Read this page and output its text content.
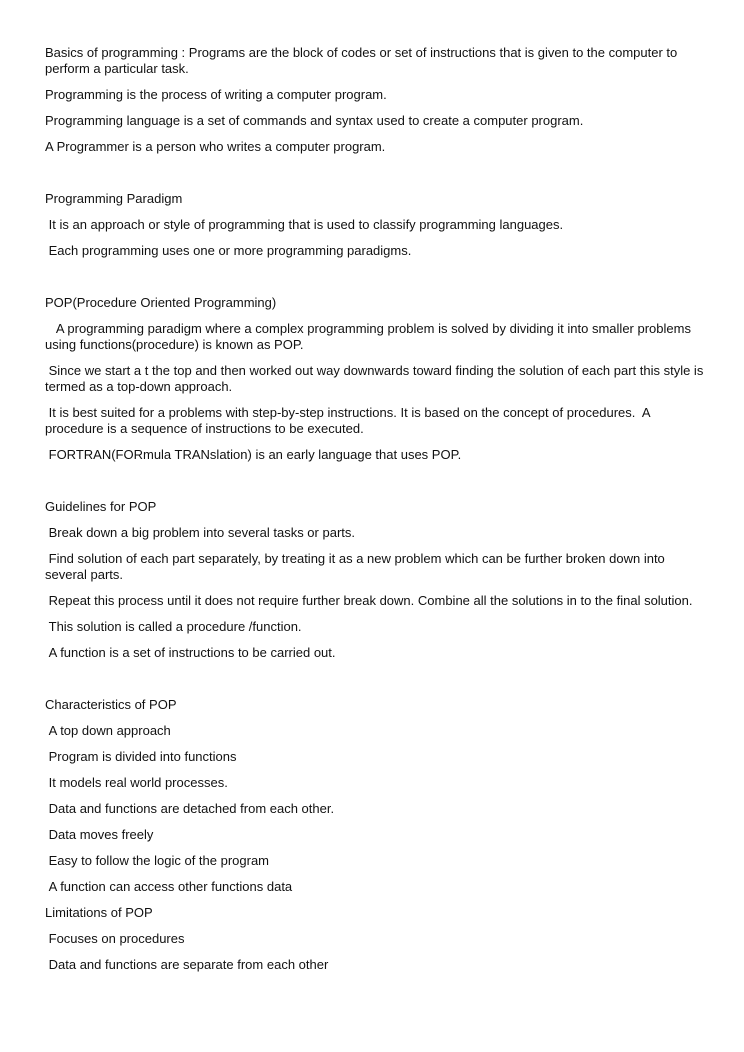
Basics of programming : Programs are the block of codes or set of instructions that is given to the computer to perform a particular task.

Programming is the process of writing a computer program.

Programming language is a set of commands and syntax used to create a computer program.

A Programmer is a person who writes a computer program.

Programming Paradigm

It is an approach or style of programming that is used to classify programming languages.

Each programming uses one or more programming paradigms.

POP(Procedure Oriented Programming)

A programming paradigm where a complex programming problem is solved by dividing it into smaller problems using functions(procedure) is known as POP.

Since we start a t the top and then worked out way downwards toward finding the solution of each part this style is termed as a top-down approach.

It is best suited for a problems with step-by-step instructions. It is based on the concept of procedures.  A procedure is a sequence of instructions to be executed.

FORTRAN(FORmula TRANslation) is an early language that uses POP.

Guidelines for POP

Break down a big problem into several tasks or parts.

Find solution of each part separately, by treating it as a new problem which can be further broken down into several parts.

Repeat this process until it does not require further break down. Combine all the solutions in to the final solution.

This solution is called a procedure /function.

A function is a set of instructions to be carried out.

Characteristics of POP

A top down approach

Program is divided into functions

It models real world processes.

Data and functions are detached from each other.

Data moves freely

Easy to follow the logic of the program

A function can access other functions data

Limitations of POP

Focuses on procedures

Data and functions are separate from each other
